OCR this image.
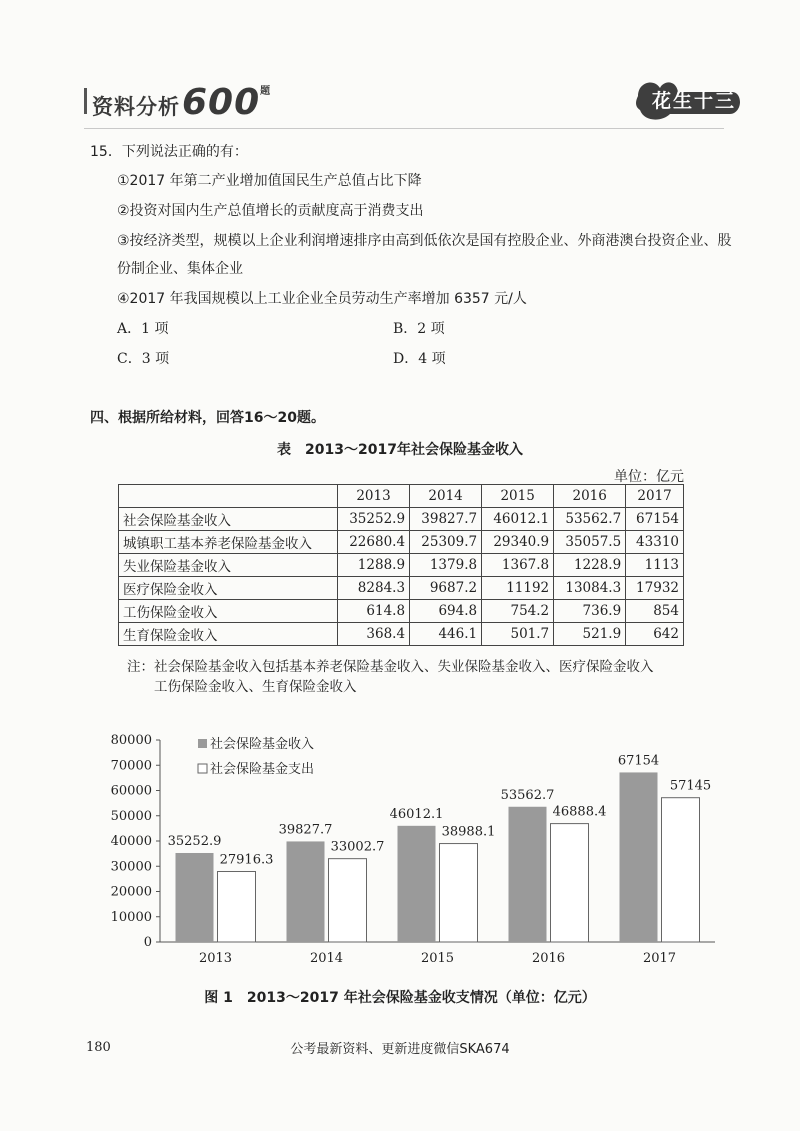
资料分析$600^题$	花生十三
15．下列说法正确的有：
①2017 年第二产业增加值国民生产总值占比下降
②投资对国内生产总值增长的贡献度高于消费支出
③按经济类型，规模以上企业利润增速排序由高到低依次是国有控股企业、外商港澳台投资企业、股
份制企业、集体企业
④2017 年我国规模以上工业企业全员劳动生产率增加 6357 元/人
A．1 项	B．2 项
C．3 项	D．4 项
四、根据所给材料，回答16～20题。
表　2013～2017年社会保险基金收入
单位：亿元
	2013	2014	2015	2016	2017
社会保险基金收入	35252.9	39827.7	46012.1	53562.7	67154
城镇职工基本养老保险基金收入	22680.4	25309.7	29340.9	35057.5	43310
失业保险基金收入	1288.9	1379.8	1367.8	1228.9	1113
医疗保险金收入	8284.3	9687.2	11192	13084.3	17932
工伤保险金收入	614.8	694.8	754.2	736.9	854
生育保险金收入	368.4	446.1	501.7	521.9	642
注：社会保险基金收入包括基本养老保险基金收入、失业保险基金收入、医疗保险金收入
工伤保险金收入、生育保险金收入
0
10000
20000
30000
40000
50000
60000
70000
80000
2013
35252.9
27916.3
2014
39827.7
33002.7
2015
46012.1
38988.1
2016
53562.7
46888.4
2017
67154
57145
社会保险基金收入
社会保险基金支出
图 1　2013～2017 年社会保险基金收支情况（单位：亿元）
180	公考最新资料、更新进度微信SKA674
